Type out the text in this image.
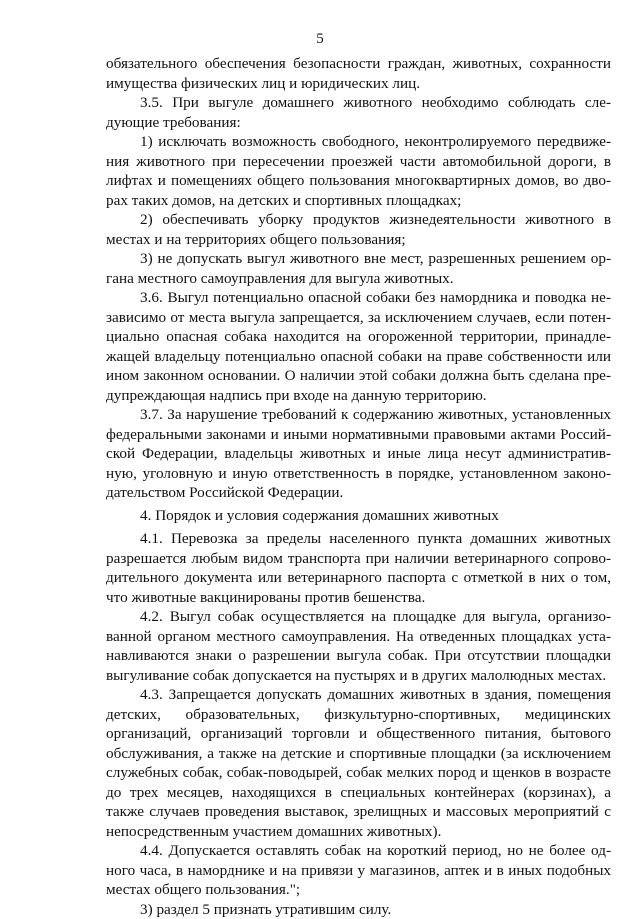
5

обязательного обеспечения безопасности граждан, животных, сохранности имущества физических лиц и юридических лиц.

3.5. При выгуле домашнего животного необходимо соблюдать следующие требования:

1) исключать возможность свободного, неконтролируемого передвижения животного при пересечении проезжей части автомобильной дороги, в лифтах и помещениях общего пользования многоквартирных домов, во дворах таких домов, на детских и спортивных площадках;

2) обеспечивать уборку продуктов жизнедеятельности животного в местах и на территориях общего пользования;

3) не допускать выгул животного вне мест, разрешенных решением органа местного самоуправления для выгула животных.

3.6. Выгул потенциально опасной собаки без намордника и поводка независимо от места выгула запрещается, за исключением случаев, если потенциально опасная собака находится на огороженной территории, принадлежащей владельцу потенциально опасной собаки на праве собственности или ином законном основании. О наличии этой собаки должна быть сделана предупреждающая надпись при входе на данную территорию.

3.7. За нарушение требований к содержанию животных, установленных федеральными законами и иными нормативными правовыми актами Российской Федерации, владельцы животных и иные лица несут административную, уголовную и иную ответственность в порядке, установленном законодательством Российской Федерации.

4. Порядок и условия содержания домашних животных

4.1. Перевозка за пределы населенного пункта домашних животных разрешается любым видом транспорта при наличии ветеринарного сопроводительного документа или ветеринарного паспорта с отметкой в них о том, что животные вакцинированы против бешенства.

4.2. Выгул собак осуществляется на площадке для выгула, организованной органом местного самоуправления. На отведенных площадках устанавливаются знаки о разрешении выгула собак. При отсутствии площадки выгуливание собак допускается на пустырях и в других малолюдных местах.

4.3. Запрещается допускать домашних животных в здания, помещения детских, образовательных, физкультурно-спортивных, медицинских организаций, организаций торговли и общественного питания, бытового обслуживания, а также на детские и спортивные площадки (за исключением служебных собак, собак-поводырей, собак мелких пород и щенков в возрасте до трех месяцев, находящихся в специальных контейнерах (корзинах), а также случаев проведения выставок, зрелищных и массовых мероприятий с непосредственным участием домашних животных).

4.4. Допускается оставлять собак на короткий период, но не более одного часа, в наморднике и на привязи у магазинов, аптек и в иных подобных местах общего пользования.";

3) раздел 5 признать утратившим силу.
